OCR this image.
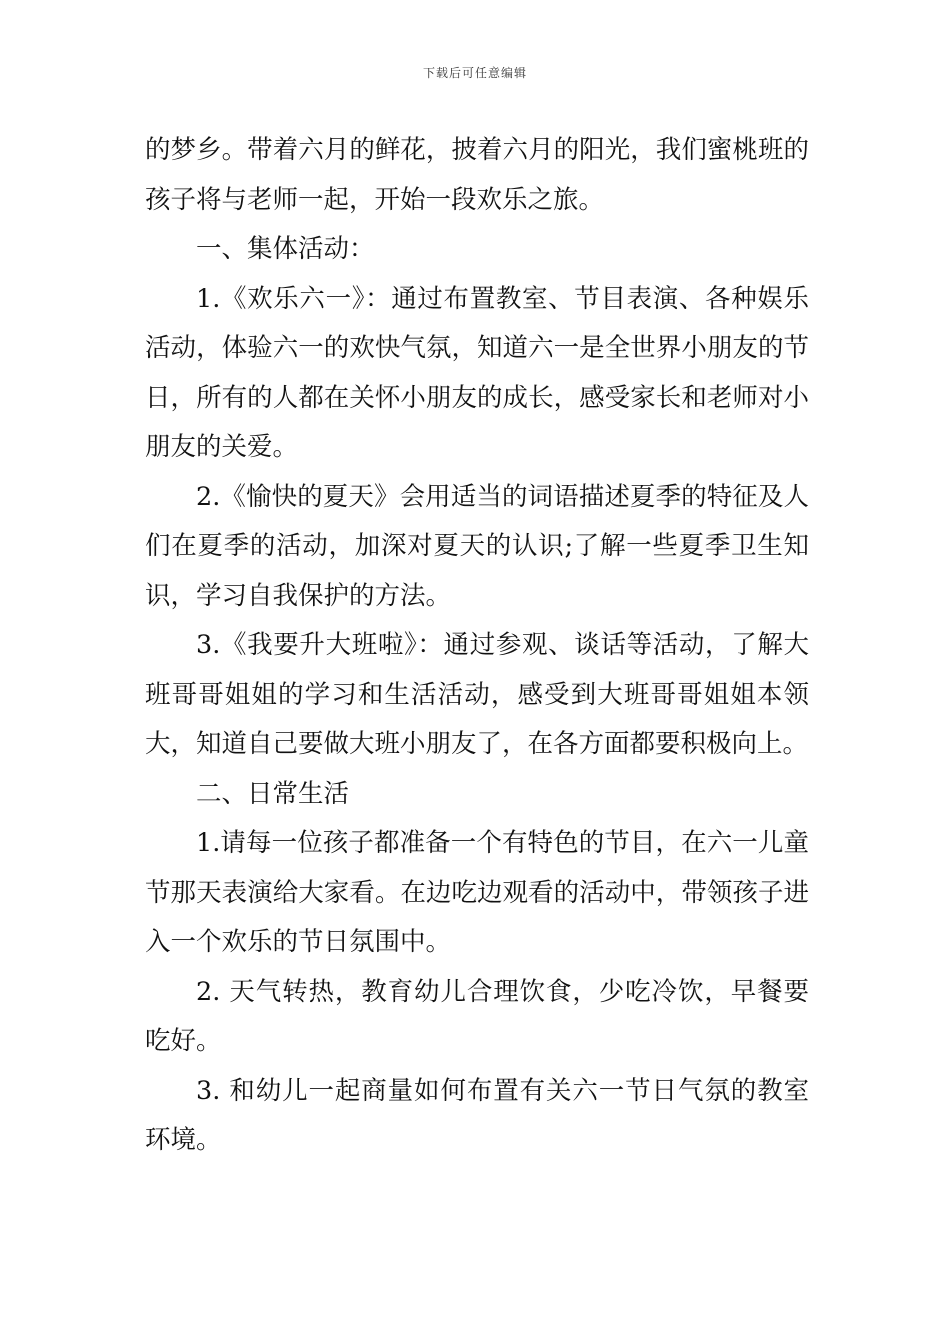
下载后可任意编辑

的梦乡。带着六月的鲜花，披着六月的阳光，我们蜜桃班的孩子将与老师一起，开始一段欢乐之旅。

一、集体活动：

1.《欢乐六一》：通过布置教室、节目表演、各种娱乐活动，体验六一的欢快气氛，知道六一是全世界小朋友的节日，所有的人都在关怀小朋友的成长，感受家长和老师对小朋友的关爱。

2.《愉快的夏天》会用适当的词语描述夏季的特征及人们在夏季的活动，加深对夏天的认识;了解一些夏季卫生知识，学习自我保护的方法。

3.《我要升大班啦》：通过参观、谈话等活动，了解大班哥哥姐姐的学习和生活活动，感受到大班哥哥姐姐本领大，知道自己要做大班小朋友了，在各方面都要积极向上。

二、日常生活

1.请每一位孩子都准备一个有特色的节目，在六一儿童节那天表演给大家看。在边吃边观看的活动中，带领孩子进入一个欢乐的节日氛围中。

2. 天气转热，教育幼儿合理饮食，少吃冷饮，早餐要吃好。

3. 和幼儿一起商量如何布置有关六一节日气氛的教室环境。
